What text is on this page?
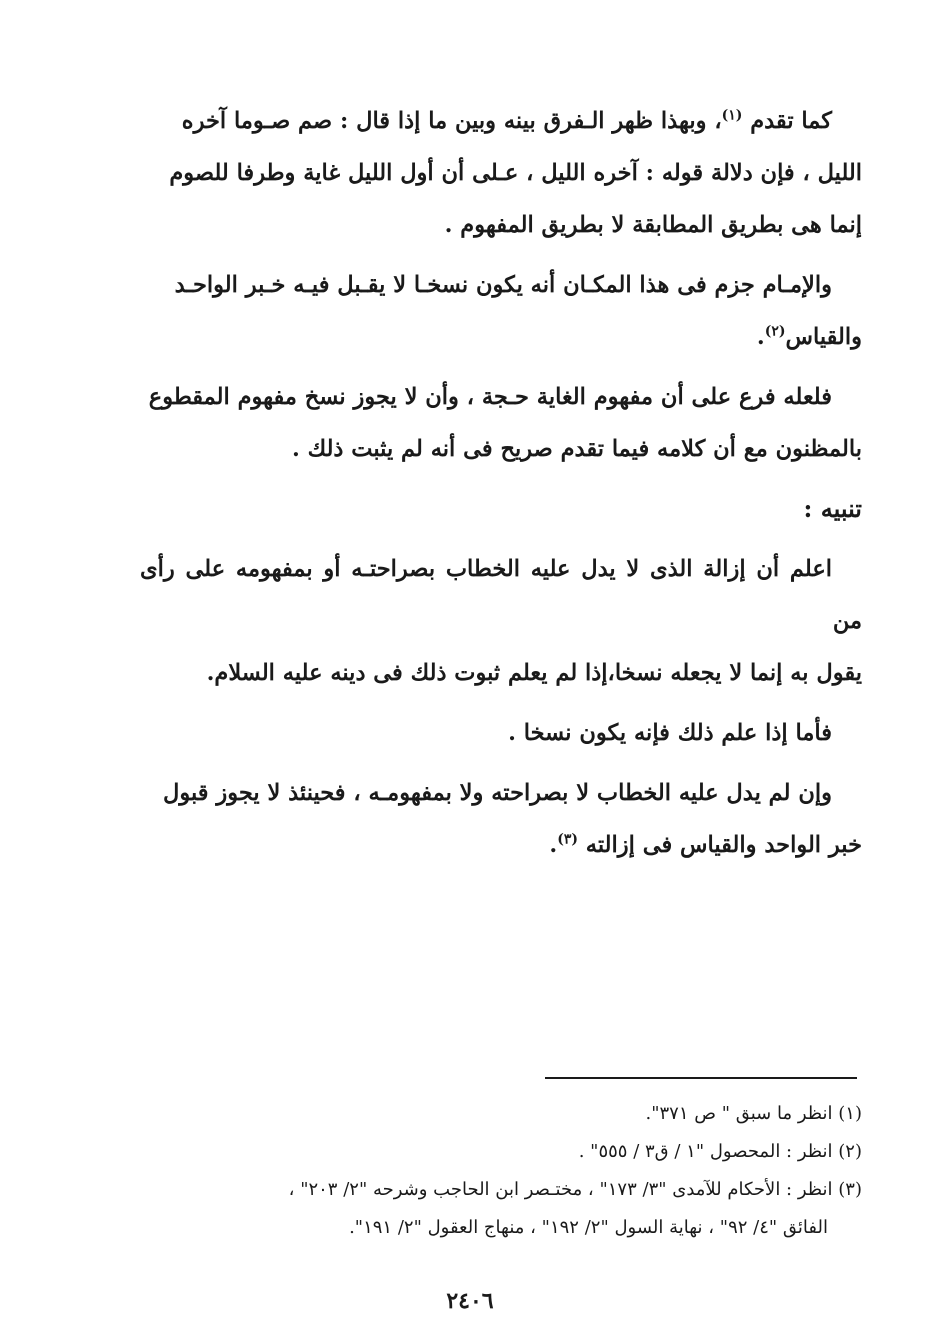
كما تقدم $^{(١)}$، وبهذا ظهر الـفرق بينه وبين ما إذا قال : صم صـوما آخره
الليل ، فإن دلالة قوله : آخره الليل ، عـلى أن أول الليل غاية وطرفا للصوم
إنما هى بطريق المطابقة لا بطريق المفهوم .

والإمـام جزم فى هذا المكـان أنه يكون نسخـا لا يقـبل فيـه خـبر الواحـد
والقياس$^{(٢)}$.

فلعله فرع على أن مفهوم الغاية حـجة ، وأن لا يجوز نسخ مفهوم المقطوع
بالمظنون مع أن كلامه فيما تقدم صريح فى أنه لم يثبت ذلك .

تنبيه :

اعلم أن إزالة الذى لا يدل عليه الخطاب بصراحتـه أو بمفهومه على رأى من
يقول به إنما لا يجعله نسخا،إذا لم يعلم ثبوت ذلك فى دينه عليه السلام.

فأما إذا علم ذلك فإنه يكون نسخا .

وإن لم يدل عليه الخطاب لا بصراحته ولا بمفهومـه ، فحينئذ لا يجوز قبول
خبر الواحد والقياس فى إزالته $^{(٣)}$.

(١) انظر ما سبق " ص ٣٧١".

(٢) انظر : المحصول "١ / ق٣ / ٥٥٥" .

(٣) انظر : الأحكام للآمدى "٣/ ١٧٣" ، مختـصر ابن الحاجب وشرحه "٢/ ٢٠٣" ،

الفائق "٤/ ٩٢" ، نهاية السول "٢/ ١٩٢" ، منهاج العقول "٢/ ١٩١".

٢٤٠٦
